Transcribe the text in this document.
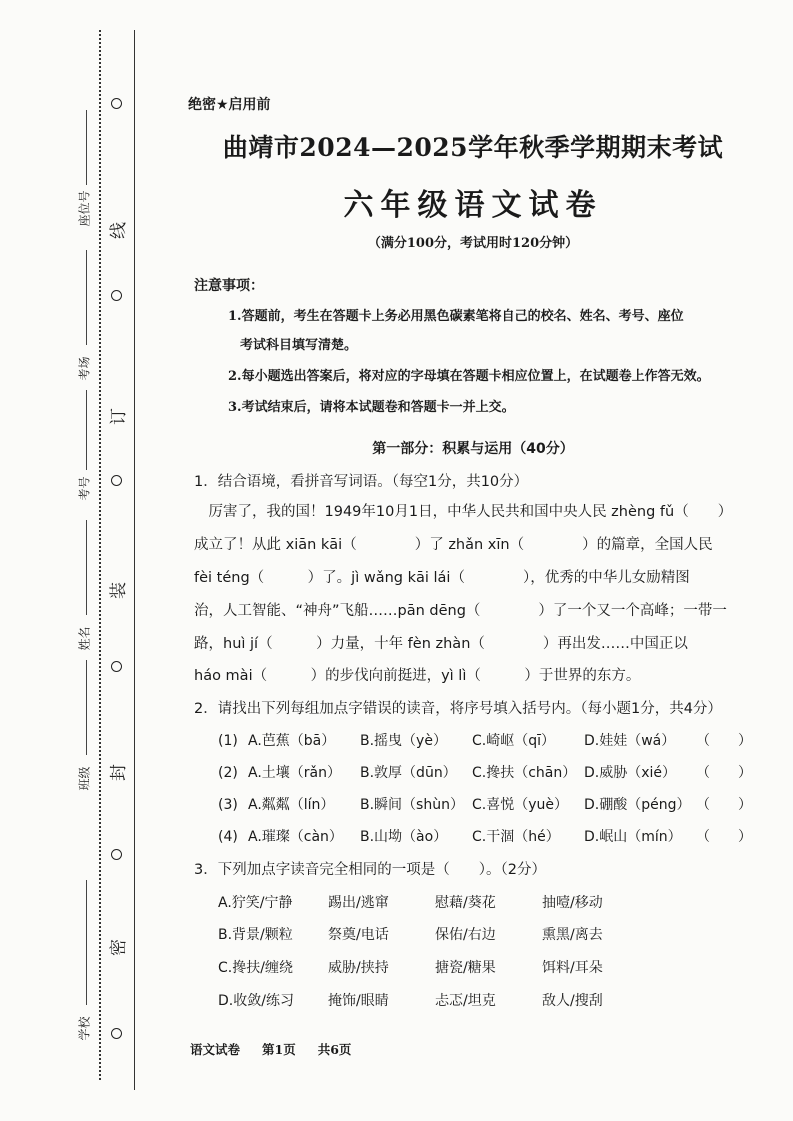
线
订
装
封
密
座位号
考场
考号
姓名
班级
学校
绝密★启用前
曲靖市2024—2025学年秋季学期期末考试
六年级语文试卷
（满分100分，考试用时120分钟）
注意事项：
1.答题前，考生在答题卡上务必用黑色碳素笔将自己的校名、姓名、考号、座位
考试科目填写清楚。
2.每小题选出答案后，将对应的字母填在答题卡相应位置上，在试题卷上作答无效。
3.考试结束后，请将本试题卷和答题卡一并上交。
第一部分：积累与运用（40分）
1．结合语境，看拼音写词语。（每空1分，共10分）
　厉害了，我的国！1949年10月1日，中华人民共和国中央人民 zhèng fǔ（　　）
成立了！从此 xiān kāi（　　　　）了 zhǎn xīn（　　　　）的篇章，全国人民
fèi téng（　　　）了。jì wǎng kāi lái（　　　　），优秀的中华儿女励精图
治，人工智能、“神舟”飞船……pān dēng（　　　　）了一个又一个高峰；一带一
路，huì jí（　　　）力量，十年 fèn zhàn（　　　　）再出发……中国正以
háo mài（　　　）的步伐向前挺进，yì lì（　　　）于世界的东方。
2．请找出下列每组加点字错误的读音，将序号填入括号内。（每小题1分，共4分）
(1) A.芭蕉（bā） B.摇曳（yè） C.崎岖（qī） D.娃娃（wá） （　　）
(2) A.土壤（rǎn） B.敦厚（dūn） C.搀扶（chān） D.威胁（xié） （　　）
(3) A.粼粼（lín） B.瞬间（shùn） C.喜悦（yuè） D.硼酸（péng） （　　）
(4) A.璀璨（càn） B.山坳（ào） C.干涸（hé） D.岷山（mín） （　　）
3．下列加点字读音完全相同的一项是（　　）。（2分）
A.狞笑/宁静	踢出/逃窜	慰藉/葵花	抽噎/移动
B.背景/颗粒	祭奠/电话	保佑/右边	熏黑/离去
C.搀扶/缠绕	威胁/挟持	搪瓷/糖果	饵料/耳朵
D.收敛/练习 掩饰/眼睛	忐忑/坦克	敌人/搜刮
语文试卷 第1页 共6页
